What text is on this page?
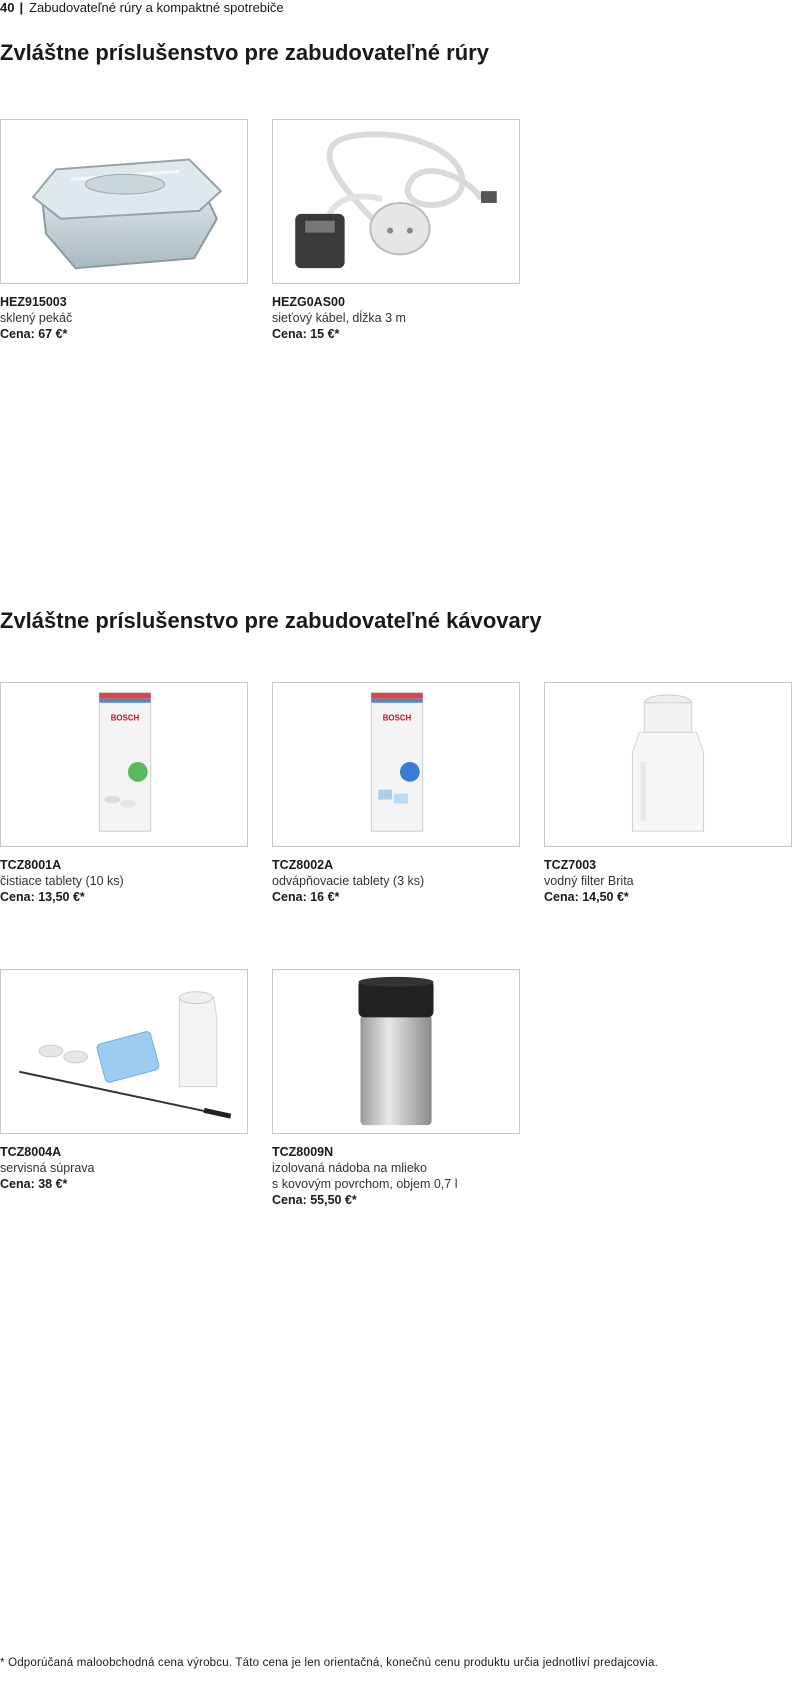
40 | Zabudovateľné rúry a kompaktné spotrebiče
Zvláštne príslušenstvo pre zabudovateľné rúry
Zvláštne príslušenstvo pre zabudovateľné kávovary
HEZ915003
sklený pekáč
Cena: 67 €*
HEZG0AS00
sieťový kábel, dĺžka 3 m
Cena: 15 €*
BOSCH
TCZ8001A
čistiace tablety (10 ks)
Cena: 13,50 €*
BOSCH
TCZ8002A
odvápňovacie tablety (3 ks)
Cena: 16 €*
TCZ7003
vodný filter Brita
Cena: 14,50 €*
TCZ8004A
servisná súprava
Cena: 38 €*
TCZ8009N
izolovaná nádoba na mlieko
s kovovým povrchom, objem 0,7 l
Cena: 55,50 €*
* Odporúčaná maloobchodná cena výrobcu. Táto cena je len orientačná, konečnú cenu produktu určia jednotliví predajcovia.
